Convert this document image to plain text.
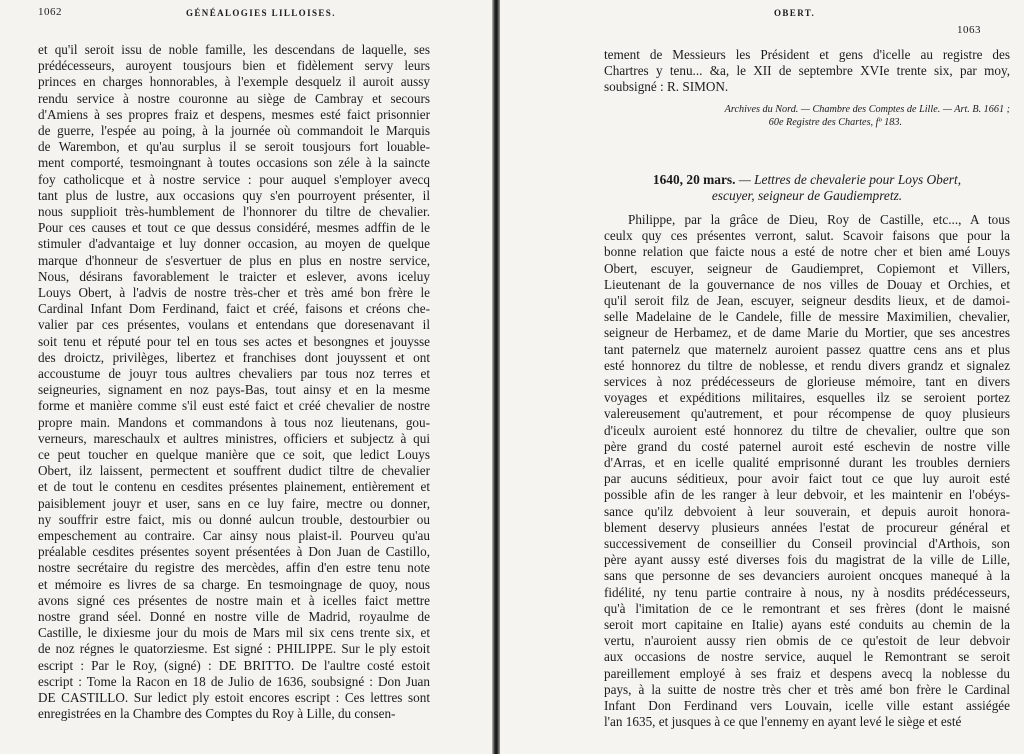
1062	GÉNÉALOGIES LILLOISES.

et qu'il seroit issu de noble famille, les descendans de laquelle, ses

prédécesseurs, auroyent tousjours bien et fidèlement servy leurs

princes en charges honnorables, à l'exemple desquelz il auroit aussy

rendu service à nostre couronne au siège de Cambray et secours

d'Amiens à ses propres fraiz et despens, mesmes esté faict prisonnier

de guerre, l'espée au poing, à la journée où commandoit le Marquis

de Warembon, et qu'au surplus il se seroit tousjours fort louable-

ment comporté, tesmoingnant à toutes occasions son zéle à la saincte

foy catholicque et à nostre service : pour auquel s'employer avecq

tant plus de lustre, aux occasions quy s'en pourroyent présenter, il

nous supplioit très-humblement de l'honnorer du tiltre de chevalier.

Pour ces causes et tout ce que dessus considéré, mesmes adffin de le

stimuler d'advantaige et luy donner occasion, au moyen de quelque

marque d'honneur de s'esvertuer de plus en plus en nostre service,

Nous, désirans favorablement le traicter et eslever, avons iceluy

Louys Obert, à l'advis de nostre très-cher et très amé bon frère le

Cardinal Infant Dom Ferdinand, faict et créé, faisons et créons che-

valier par ces présentes, voulans et entendans que doresenavant il

soit tenu et réputé pour tel en tous ses actes et besongnes et jouysse

des droictz, privilèges, libertez et franchises dont jouyssent et ont

accoustume de jouyr tous aultres chevaliers par tous noz terres et

seigneuries, signament en noz pays-Bas, tout ainsy et en la mesme

forme et manière comme s'il eust esté faict et créé chevalier de nostre

propre main. Mandons et commandons à tous noz lieutenans, gou-

verneurs, mareschaulx et aultres ministres, officiers et subjectz à qui

ce peut toucher en quelque manière que ce soit, que ledict Louys

Obert, ilz laissent, permectent et souffrent dudict tiltre de chevalier

et de tout le contenu en cesdites présentes plainement, entièrement et

paisiblement jouyr et user, sans en ce luy faire, mectre ou donner,

ny souffrir estre faict, mis ou donné aulcun trouble, destourbier ou

empeschement au contraire. Car ainsy nous plaist-il. Pourveu qu'au

préalable cesdites présentes soyent présentées à Don Juan de Castillo,

nostre secrétaire du registre des mercèdes, affin d'en estre tenu note

et mémoire es livres de sa charge. En tesmoingnage de quoy, nous

avons signé ces présentes de nostre main et à icelles faict mettre

nostre grand séel. Donné en nostre ville de Madrid, royaulme de

Castille, le dixiesme jour du mois de Mars mil six cens trente six, et

de noz régnes le quatorziesme. Est signé : PHILIPPE. Sur le ply estoit

escript : Par le Roy, (signé) : DE BRITTO. De l'aultre costé estoit

escript : Tome la Racon en 18 de Julio de 1636, soubsigné : Don Juan

DE CASTILLO. Sur ledict ply estoit encores escript : Ces lettres sont

enregistrées en la Chambre des Comptes du Roy à Lille, du consen-

OBERT.
1063

tement de Messieurs les Président et gens d'icelle au registre des

Chartres y tenu... &a, le XII de septembre XVIe trente six, par moy,

soubsigné : R. SIMON.

Archives du Nord. — Chambre des Comptes de Lille. — Art. B. 1661 ;

60e Registre des Chartes, fº 183.

1640, 20 mars. — Lettres de chevalerie pour Loys Obert,

escuyer, seigneur de Gaudiempretz.

Philippe, par la grâce de Dieu, Roy de Castille, etc..., A tous

ceulx quy ces présentes verront, salut. Scavoir faisons que pour la

bonne relation que faicte nous a esté de notre cher et bien amé Louys

Obert, escuyer, seigneur de Gaudiempret, Copiemont et Villers,

Lieutenant de la gouvernance de nos villes de Douay et Orchies, et

qu'il seroit filz de Jean, escuyer, seigneur desdits lieux, et de damoi-

selle Madelaine de le Candele, fille de messire Maximilien, chevalier,

seigneur de Herbamez, et de dame Marie du Mortier, que ses ancestres

tant paternelz que maternelz auroient passez quattre cens ans et plus

esté honnorez du tiltre de noblesse, et rendu divers grandz et signalez

services à noz prédécesseurs de glorieuse mémoire, tant en divers

voyages et expéditions militaires, esquelles ilz se seroient portez

valereusement qu'autrement, et pour récompense de quoy plusieurs

d'iceulx auroient esté honnorez du tiltre de chevalier, oultre que son

père grand du costé paternel auroit esté eschevin de nostre ville

d'Arras, et en icelle qualité emprisonné durant les troubles derniers

par aucuns séditieux, pour avoir faict tout ce que luy auroit esté

possible afin de les ranger à leur debvoir, et les maintenir en l'obéys-

sance qu'ilz debvoient à leur souverain, et depuis auroit honora-

blement deservy plusieurs années l'estat de procureur général et

successivement de conseillier du Conseil provincial d'Arthois, son

père ayant aussy esté diverses fois du magistrat de la ville de Lille,

sans que personne de ses devanciers auroient oncques manequé à la

fidélité, ny tenu partie contraire à nous, ny à nosdits prédécesseurs,

qu'à l'imitation de ce le remontrant et ses frères (dont le maisné

seroit mort capitaine en Italie) ayans esté conduits au chemin de la

vertu, n'auroient aussy rien obmis de ce qu'estoit de leur debvoir

aux occasions de nostre service, auquel le Remontrant se seroit

pareillement employé à ses fraiz et despens avecq la noblesse du

pays, à la suitte de nostre très cher et très amé bon frère le Cardinal

Infant Don Ferdinand vers Louvain, icelle ville estant assiégée

l'an 1635, et jusques à ce que l'ennemy en ayant levé le siège et esté
